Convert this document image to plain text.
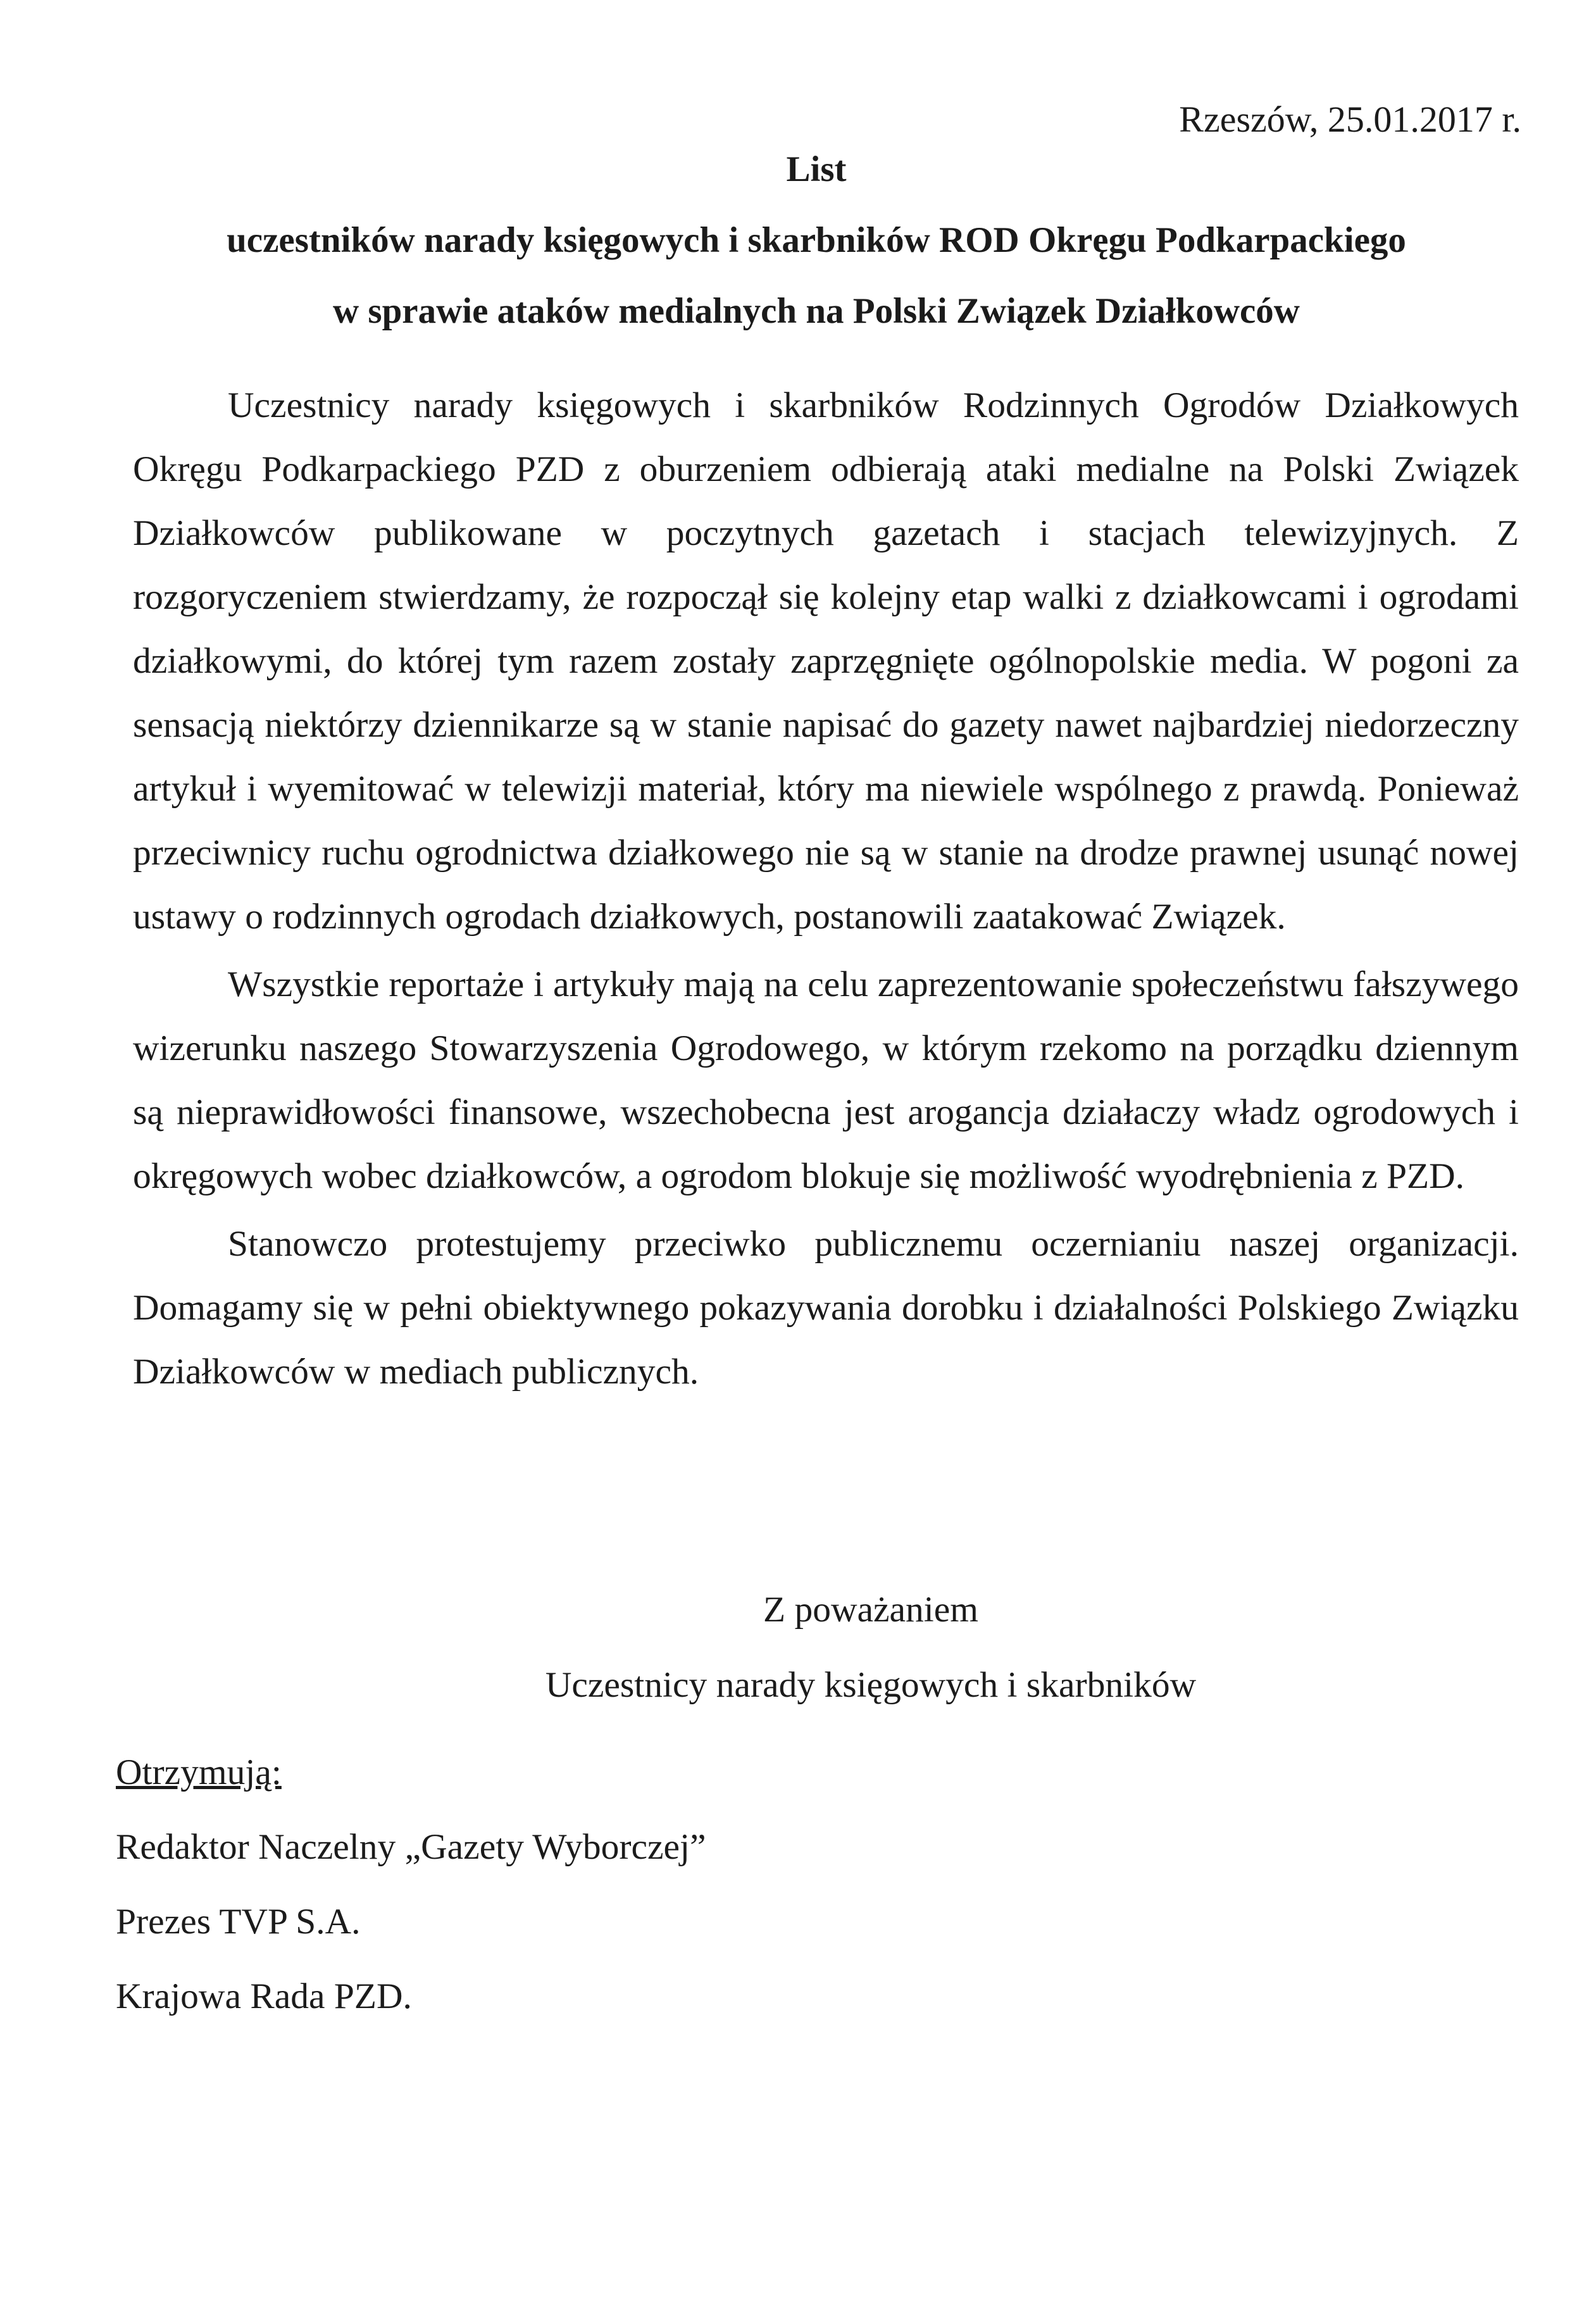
Rzeszów, 25.01.2017 r.
List
uczestników narady księgowych i skarbników ROD Okręgu Podkarpackiego
w sprawie ataków medialnych na Polski Związek Działkowców

Uczestnicy narady księgowych i skarbników Rodzinnych Ogrodów Działkowych Okręgu Podkarpackiego PZD z oburzeniem odbierają ataki medialne na Polski Związek Działkowców publikowane w poczytnych gazetach i stacjach telewizyjnych. Z rozgoryczeniem stwierdzamy, że rozpoczął się kolejny etap walki z działkowcami i ogrodami działkowymi, do której tym razem zostały zaprzęgnięte ogólnopolskie media. W pogoni za sensacją niektórzy dziennikarze są w stanie napisać do gazety nawet najbardziej niedorzeczny artykuł i wyemitować w telewizji materiał, który ma niewiele wspólnego z prawdą. Ponieważ przeciwnicy ruchu ogrodnictwa działkowego nie są w stanie na drodze prawnej usunąć nowej ustawy o rodzinnych ogrodach działkowych, postanowili zaatakować Związek.

Wszystkie reportaże i artykuły mają na celu zaprezentowanie społeczeństwu fałszywego wizerunku naszego Stowarzyszenia Ogrodowego, w którym rzekomo na porządku dziennym są nieprawidłowości finansowe, wszechobecna jest arogancja działaczy władz ogrodowych i okręgowych wobec działkowców, a ogrodom blokuje się możliwość wyodrębnienia z PZD.

Stanowczo protestujemy przeciwko publicznemu oczernianiu naszej organizacji. Domagamy się w pełni obiektywnego pokazywania dorobku i działalności Polskiego Związku Działkowców w mediach publicznych.

Z poważaniem
Uczestnicy narady księgowych i skarbników
Otrzymują:
Redaktor Naczelny „Gazety Wyborczej”
Prezes TVP S.A.
Krajowa Rada PZD.
